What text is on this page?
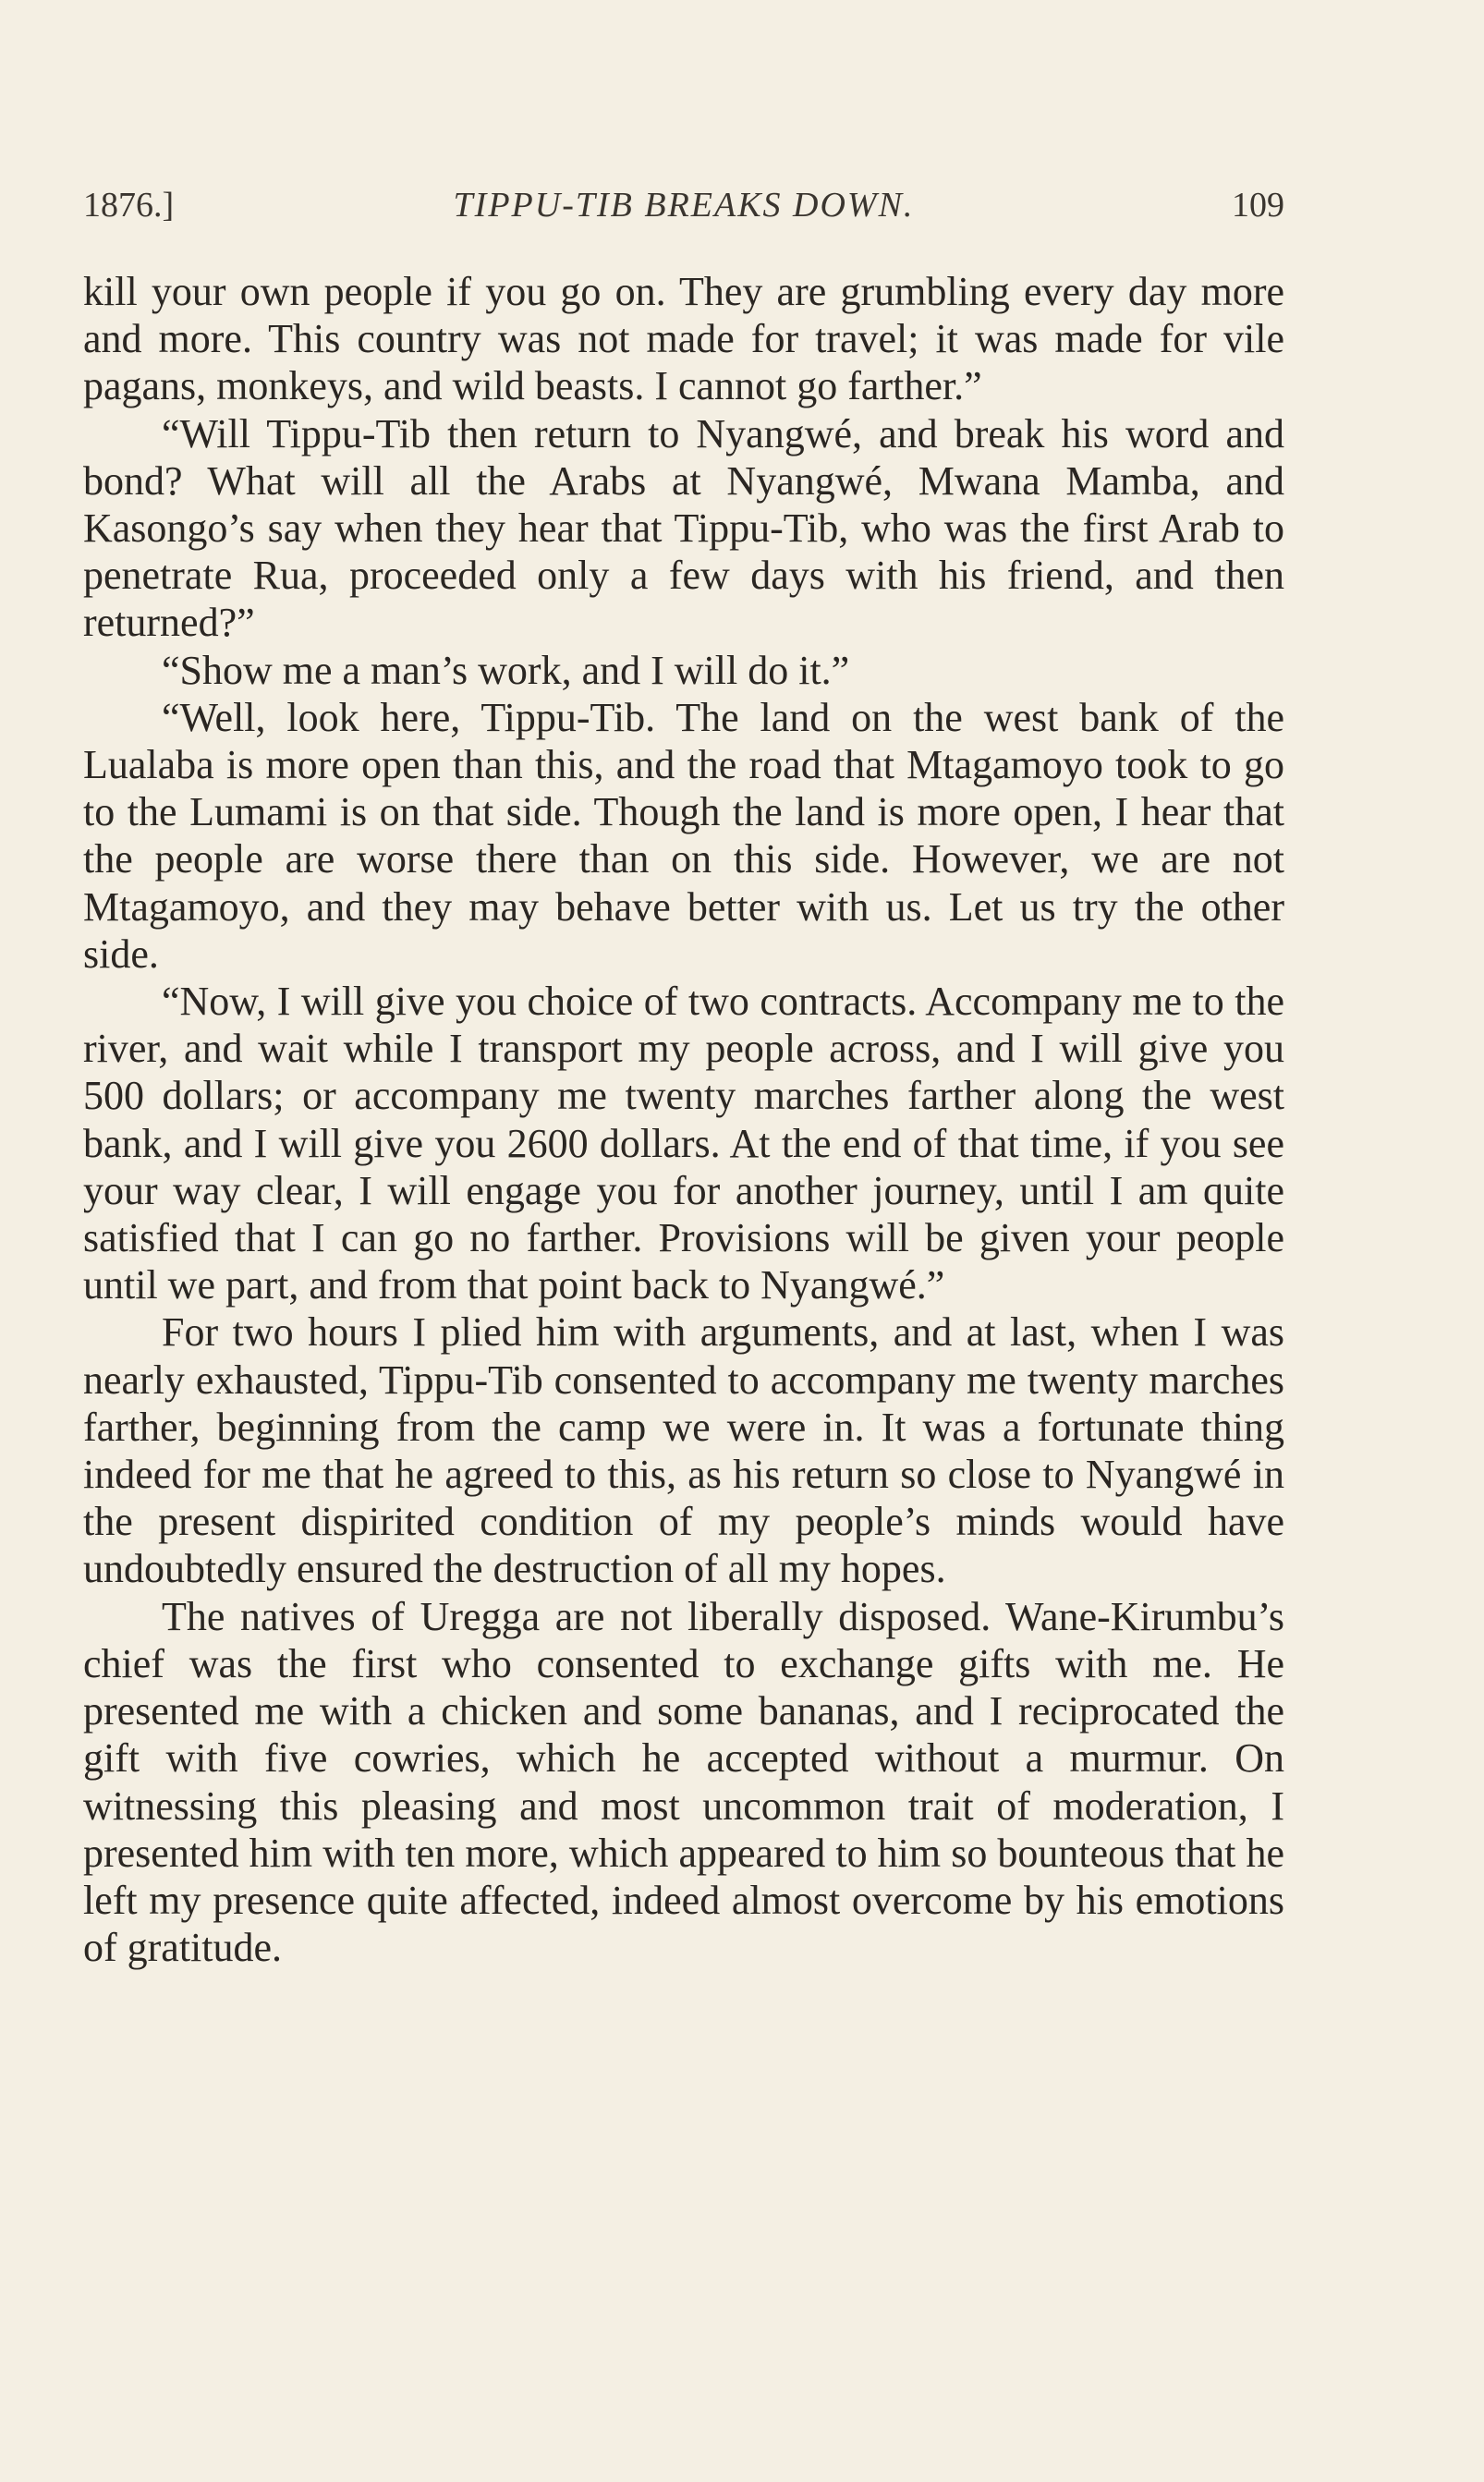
1876.]	TIPPU-TIB BREAKS DOWN.	109

kill your own people if you go on. They are grumbling every day more and more. This country was not made for travel; it was made for vile pagans, monkeys, and wild beasts. I cannot go farther.”

“Will Tippu-Tib then return to Nyangwé, and break his word and bond? What will all the Arabs at Nyangwé, Mwana Mamba, and Kasongo’s say when they hear that Tippu-Tib, who was the first Arab to penetrate Rua, proceeded only a few days with his friend, and then returned?”

“Show me a man’s work, and I will do it.”

“Well, look here, Tippu-Tib. The land on the west bank of the Lualaba is more open than this, and the road that Mtagamoyo took to go to the Lumami is on that side. Though the land is more open, I hear that the people are worse there than on this side. However, we are not Mtagamoyo, and they may behave better with us. Let us try the other side.

“Now, I will give you choice of two contracts. Accompany me to the river, and wait while I transport my people across, and I will give you 500 dollars; or accompany me twenty marches farther along the west bank, and I will give you 2600 dollars. At the end of that time, if you see your way clear, I will engage you for another journey, until I am quite satisfied that I can go no farther. Provisions will be given your people until we part, and from that point back to Nyangwé.”

For two hours I plied him with arguments, and at last, when I was nearly exhausted, Tippu-Tib consented to accompany me twenty marches farther, beginning from the camp we were in. It was a fortunate thing indeed for me that he agreed to this, as his return so close to Nyangwé in the present dispirited condition of my people’s minds would have undoubtedly ensured the destruction of all my hopes.

The natives of Uregga are not liberally disposed. Wane-Kirumbu’s chief was the first who consented to exchange gifts with me. He presented me with a chicken and some bananas, and I reciprocated the gift with five cowries, which he accepted without a murmur. On witnessing this pleasing and most uncommon trait of moderation, I presented him with ten more, which appeared to him so bounteous that he left my presence quite affected, indeed almost overcome by his emotions of gratitude.
